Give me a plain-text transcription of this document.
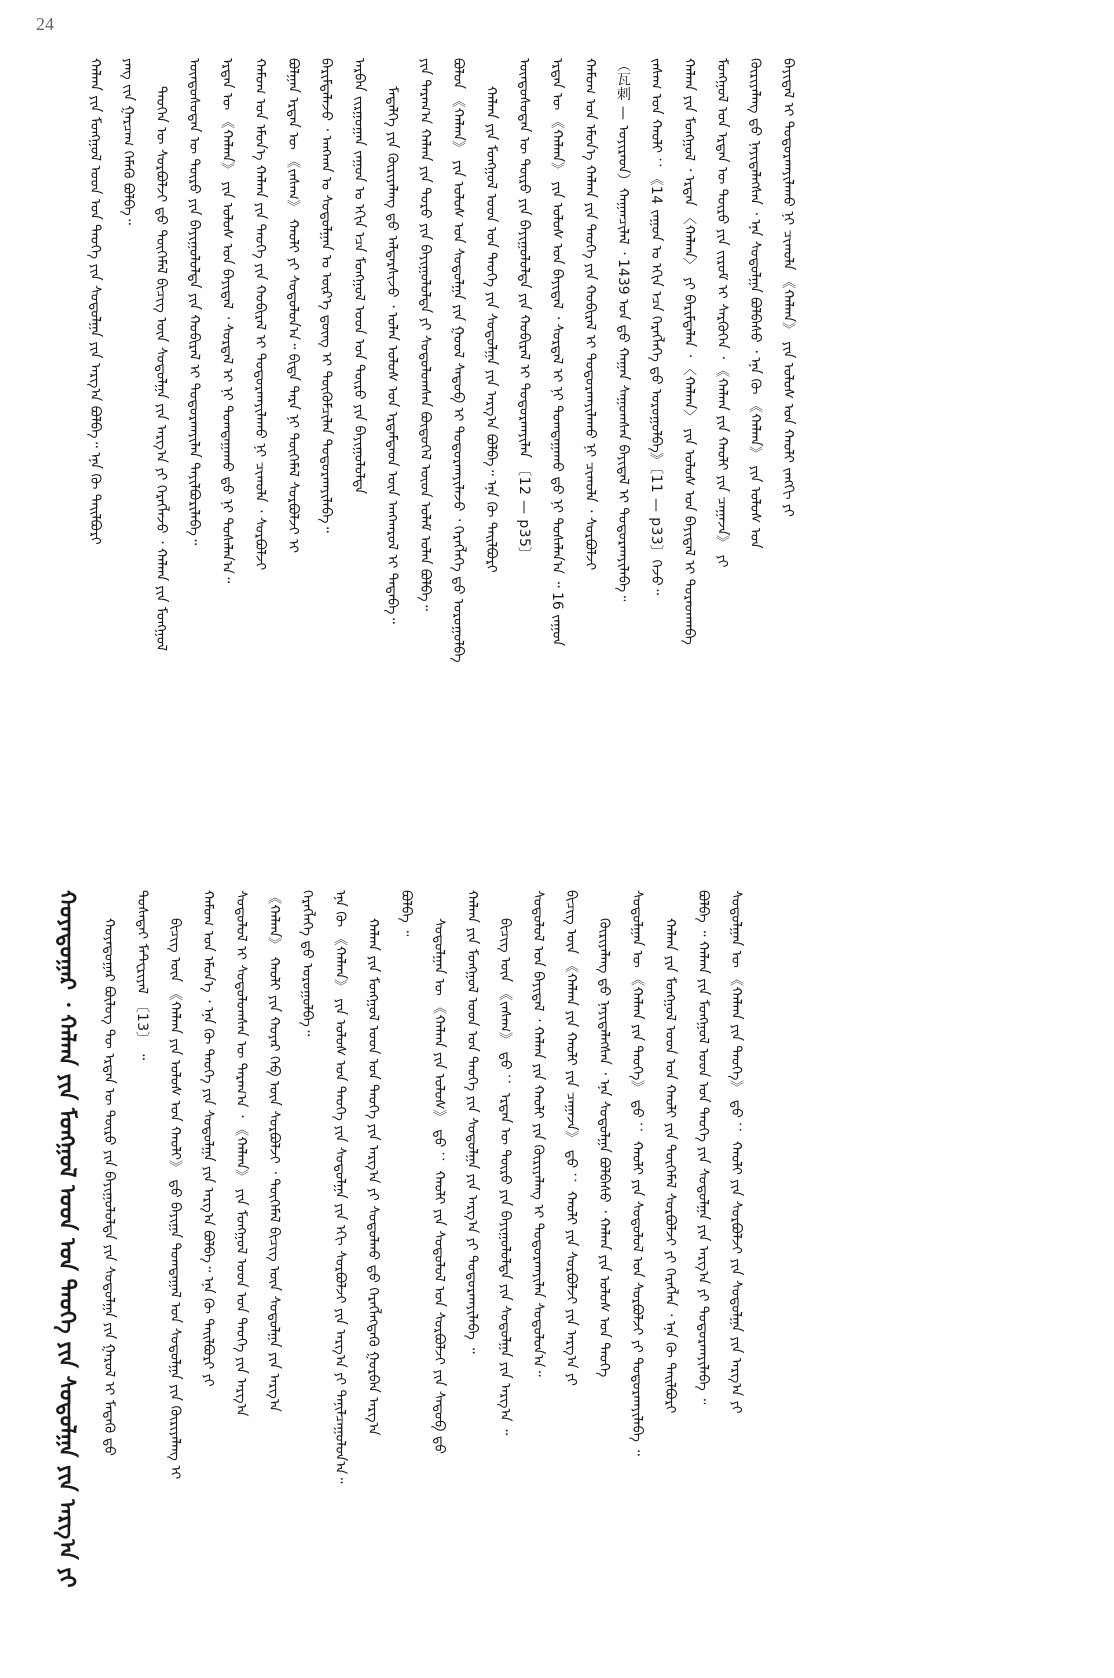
24
ᠬᠠᠯᠬᠠ ᠶᠢᠨ ᠮᠣᠩᠭᠣᠯ ᠤᠳ ᠤᠨ ᠲᠡᠦᠬᠡ ᠶᠢᠨ ᠰᠤᠳᠤᠯᠭᠠ ᠶᠢᠨ ᠠᠷᠭ᠎ᠠ ᠪᠣᠯᠪᠠ᠃ ᠡᠨᠡ ᠬᠦ ᠲᠠᠢᠯᠪᠤᠷᠢ	ᠶᠠᠩ ᠵᠢᠨ ᠭᠠᠷᠴᠠᠭ ᠬᠡᠮᠡᠬᠦ ᠪᠣᠯᠪᠠ᠃	ᠲᠡᠦᠬᠡᠨ ᠦ ᠰᠤᠷᠪᠤᠯᠵᠢ ᠳ᠋ᠤ ᠲᠦᠭᠡᠮᠡᠯ ᠪᠢᠴᠢᠭ᠌ ᠦᠨ ᠰᠤᠳᠤᠯᠭᠠ ᠶᠢᠨ ᠠᠷᠭ᠎ᠠ ᠶᠢ ᠬᠡᠷᠡᠭᠯᠡᠵᠦ ᠂ ᠬᠠᠯᠬᠠ ᠶᠢᠨ ᠮᠣᠩᠭᠣᠯ	ᠦᠨᠳᠦᠰᠦᠲᠡᠨ ᠦ ᠲᠦᠷᠦ ᠶᠢᠨ ᠪᠠᠶᠢᠭᠤᠯᠤᠯᠲᠠ ᠶᠢᠨ ᠬᠤᠪᠢᠷᠠᠯ ᠢ ᠲᠣᠳᠤᠷᠬᠠᠶᠢᠯᠠᠨ ᠲᠠᠶᠢᠯᠪᠤᠷᠢᠯᠠᠪᠠ᠃	ᠡᠷᠲᠡᠨ ᠦ 《ᠬᠠᠯᠬᠠ》 ᠶᠢᠨ ᠤᠯᠤᠰ ᠤᠨ ᠪᠠᠶᠢᠳᠠᠯ ᠂ ᠰᠤᠷᠲᠠᠯ ᠢ ᠨᠢ ᠲᠣᠭᠲᠠᠭᠠᠬᠤ ᠳ᠋ᠤ ᠨᠢ ᠲᠤᠰᠠᠯᠠᠨ᠎ᠠ᠃	ᠬᠠᠮᠤᠭ ᠤᠨ ᠡᠮᠦᠨ᠎ᠡ ᠬᠠᠯᠬᠠ ᠶᠢᠨ ᠲᠡᠦᠬᠡ ᠶᠢᠨ ᠬᠤᠪᠢᠷᠠᠯ ᠢ ᠲᠣᠳᠤᠷᠬᠠᠶᠢᠯᠠᠬᠤ ᠨᠢ ᠴᠢᠬᠤᠯᠠ ᠂ ᠰᠤᠷᠪᠤᠯᠵᠢ	ᠪᠣᠯᠭᠠᠨ ᠡᠷᠲᠡᠨ ᠦ 《ᠵᠠᠰᠠᠭ》 ᠬᠠᠤᠯᠢ ᠶᠢ ᠰᠤᠳᠤᠯᠤᠨ᠎ᠠ᠃ ᠪᠢᠳᠡ ᠳᠡᠷᠡ ᠨᠢ ᠲᠦᠭᠡᠮᠡᠯ ᠰᠤᠷᠪᠤᠯᠵᠢ ᠢ	ᠪᠠᠷᠢᠮᠲᠠᠯᠠᠵᠤ ᠂ ᠠᠩᠬᠠᠨ ᠤ ᠰᠤᠳᠤᠯᠭᠠᠨ ᠤ ᠦᠷ᠎ᠡ ᠳ᠋ᠦᠩ ᠢ ᠳᠦᠭᠦᠮᠴᠢᠯᠡᠨ ᠲᠣᠳᠤᠷᠬᠠᠶᠢᠯᠠᠪᠠ᠃	ᠠᠷᠪᠠᠨ ᠵᠢᠷᠭᠤᠭᠠᠨ ᠵᠠᠭᠤᠨ ᠤ ᠡᠬᠢᠨ ᠡᠴᠡ ᠮᠣᠩᠭᠣᠯ ᠤᠳ ᠤᠨ ᠲᠦᠷᠦ ᠶᠢᠨ ᠪᠠᠶᠢᠭᠤᠯᠤᠯᠲᠠ	ᠮᠡᠳᠡᠯᠭᠡ ᠶᠢᠨ ᠬᠦᠷᠢᠶᠡᠯᠡᠩ ᠳ᠋ᠤ ᠠᠯᠳᠠᠷᠰᠢᠵᠤ ᠂ ᠣᠯᠠᠨ ᠤᠯᠤᠰ ᠤᠨ ᠡᠷᠳᠡᠮᠲᠡᠳ ᠦᠨ ᠠᠩᠬᠠᠷᠤᠯ ᠢ ᠲᠠᠲᠠᠪᠠ᠃	ᠶᠢᠨ ᠳᠠᠷᠠᠭ᠎ᠠ ᠬᠠᠯᠬᠠ ᠶᠢᠨ ᠲᠣᠷᠤ ᠶᠢᠨ ᠪᠠᠶᠢᠭᠤᠯᠤᠯᠲᠠ ᠶᠢ ᠰᠤᠳᠤᠯᠤᠭᠰᠠᠨ ᠪᠦᠲᠦᠭᠡᠯ ᠦᠳ ᠤᠯᠠᠮ ᠣᠯᠠᠨ ᠪᠣᠯᠪᠠ᠃	ᠪᠣᠯᠣᠨ 《ᠬᠠᠯᠬᠠ》 ᠶᠢᠨ ᠤᠯᠤᠰ ᠤᠨ ᠰᠤᠳᠤᠯᠭᠠ ᠶᠢᠨ ᠭᠣᠣᠯ ᠰᠡᠳᠦᠪ ᠢ ᠲᠤᠳᠤᠷᠬᠠᠶᠢᠯᠠᠵᠤ ᠂ ᠬᠡᠷᠡᠭᠯᠡᠭᠡ ᠳ᠋ᠦ ᠣᠷᠣᠭᠤᠯᠪᠠ	ᠬᠠᠯᠬᠠ ᠶᠢᠨ ᠮᠣᠩᠭᠣᠯ ᠤᠳ ᠤᠨ ᠲᠡᠦᠬᠡ ᠶᠢᠨ ᠰᠤᠳᠤᠯᠭᠠ ᠶᠢᠨ ᠠᠷᠭ᠎ᠠ ᠪᠣᠯᠪᠠ᠃ ᠡᠨᠡ ᠬᠦ ᠲᠠᠢᠯᠪᠤᠷᠢ	ᠦᠨᠳᠦᠰᠦᠲᠡᠨ ᠦ ᠲᠦᠷᠦ ᠶᠢᠨ ᠪᠠᠶᠢᠭᠤᠯᠤᠯᠲᠠ ᠶᠢᠨ ᠬᠤᠪᠢᠷᠠᠯ ᠢ ᠲᠣᠳᠤᠷᠬᠠᠶᠢᠯᠠᠨ 〔12 — p35〕	ᠡᠷᠲᠡᠨ ᠦ 《ᠬᠠᠯᠬᠠ》 ᠶᠢᠨ ᠤᠯᠤᠰ ᠤᠨ ᠪᠠᠶᠢᠳᠠᠯ ᠂ ᠰᠤᠷᠲᠠᠯ ᠢ ᠨᠢ ᠲᠣᠭᠲᠠᠭᠠᠬᠤ ᠳ᠋ᠤ ᠨᠢ ᠲᠤᠰᠠᠯᠠᠨ᠎ᠠ ᠃ 16 ᠵᠠᠭᠤᠨ	ᠬᠠᠮᠤᠭ ᠤᠨ ᠡᠮᠦᠨ᠎ᠡ ᠬᠠᠯᠬᠠ ᠶᠢᠨ ᠲᠡᠦᠬᠡ ᠶᠢᠨ ᠬᠤᠪᠢᠷᠠᠯ ᠢ ᠲᠣᠳᠤᠷᠬᠠᠶᠢᠯᠠᠬᠤ ᠨᠢ ᠴᠢᠬᠤᠯᠠ ᠂ ᠰᠤᠷᠪᠤᠯᠵᠢ	（瓦剌 — ᠣᠶᠢᠷᠠᠳ）ᠬᠠᠭᠠᠨᠴᠢᠯᠠᠯ ᠂ 1439 ᠣᠨ ᠳ᠋ᠤ ᠬᠠᠭᠠᠨ ᠰᠠᠭᠤᠭᠰᠠᠨ ᠪᠠᠶᠢᠳᠠᠯ ᠢ ᠲᠣᠳᠤᠷᠬᠠᠶᠢᠯᠠᠪᠠ᠃	ᠵᠠᠰᠠᠭ ᠤᠨ ᠬᠠᠤᠯᠢ ：《14 ᠵᠠᠭᠤᠨ ᠤ ᠡᠬᠢᠨ ᠡᠴᠡ ᠬᠡᠷᠡᠭᠯᠡᠭᠡ ᠳ᠋ᠦ ᠣᠷᠣᠭᠤᠯᠪᠠ》〔11 — p33〕ᠭᠡᠵᠦ᠃	ᠬᠠᠯᠬᠠ ᠶᠢᠨ ᠮᠣᠩᠭᠣᠯ ᠂ ᠡᠷᠲᠡᠨ 〈ᠬᠠᠯᠬᠠ〉 ᠶᠢ ᠪᠠᠷᠢᠮᠲᠠᠯᠠᠨ ᠂ 〈ᠬᠠᠯᠬᠠ〉 ᠶᠢᠨ ᠤᠯᠤᠰ ᠤᠨ ᠪᠠᠶᠢᠳᠠᠯ ᠢ ᠳᠤᠷᠠᠳᠬᠠᠪᠠ	ᠮᠣᠩᠭᠣᠯ ᠤᠨ ᠡᠷᠲᠡᠨ ᠦ ᠲᠦᠷᠦ ᠶᠢᠨ ᠵᠢᠷᠤᠮ ᠢ ᠰᠡᠷᠭᠦᠭᠡᠨ ᠂ 《ᠬᠠᠯᠬᠠ ᠶᠢᠨ ᠬᠠᠤᠯᠢ ᠶᠢᠨ ᠴᠠᠭᠠᠵᠠ》 ᠶᠢ	ᠬᠦᠷᠢᠶᠡᠯᠡᠩ ᠳ᠋ᠤ ᠨᠡᠶᠢᠲᠡᠯᠡᠭᠰᠡᠨ ᠂ ᠡᠨᠡ ᠰᠤᠳᠤᠯᠭᠠ ᠪᠣᠯᠪᠠᠰᠤ ᠂ ᠡᠨᠡ ᠬᠦ 《ᠬᠠᠯᠬᠠ》 ᠶᠢᠨ ᠤᠯᠤᠰ ᠤᠨ	ᠪᠠᠶᠢᠳᠠᠯ ᠢ ᠲᠣᠳᠤᠷᠬᠠᠶᠢᠯᠠᠬᠤ ᠨᠢ ᠴᠢᠬᠤᠯᠠ 《ᠬᠠᠯᠬᠠ》 ᠶᠢᠨ ᠤᠯᠤᠰ ᠤᠨ ᠬᠠᠤᠯᠢ ᠵᠠᠩᠭᠢ ᠶᠢ
ᠬᠣᠶᠠᠳᠤᠭᠠᠷ ᠂ ᠬᠠᠯᠬᠠ ᠶᠢᠨ ᠮᠣᠩᠭᠣᠯ ᠤᠳ ᠤᠨ ᠲᠡᠦᠬᠡ ᠶᠢᠨ ᠰᠤᠳᠤᠯᠭᠠ ᠶᠢᠨ ᠠᠷᠭ᠎ᠠ ᠶᠢ	ᠬᠣᠶᠠᠳᠤᠭᠠᠷ ᠪᠦᠯᠦᠭ ᠲᠦ ᠡᠷᠲᠡᠨ ᠦ ᠲᠦᠷᠦ ᠶᠢᠨ ᠪᠠᠶᠢᠭᠤᠯᠤᠯᠲᠠ ᠶᠢᠨ ᠰᠤᠳᠤᠯᠭᠠ ᠶᠢᠨ ᠭᠠᠷᠤᠯ ᠢ ᠮᠡᠳᠡᠬᠦ ᠳ᠋ᠦ	ᠲᠤᠰᠠᠲᠠᠢ ᠮᠠᠲ᠋ᠧᠷᠢᠶᠠᠯ 〔13〕 ᠃	ᠪᠢᠴᠢᠭ᠌ ᠦᠨ 《ᠬᠠᠯᠬᠠ ᠶᠢᠨ ᠤᠯᠤᠰ ᠤᠨ ᠬᠠᠤᠯᠢ》 ᠳ᠋ᠤ ᠪᠠᠶᠢᠭᠠ ᠲᠣᠭᠲᠠᠭᠠᠯ ᠤᠨ ᠰᠤᠳᠤᠯᠭᠠ ᠶᠢᠨ ᠬᠦᠷᠢᠶᠡᠯᠡᠩ ᠢ	ᠬᠠᠮᠤᠭ ᠤᠨ ᠡᠮᠦᠨ᠎ᠡ ᠂ ᠡᠨᠡ ᠬᠦ ᠲᠡᠦᠬᠡ ᠶᠢᠨ ᠰᠤᠳᠤᠯᠭᠠ ᠶᠢᠨ ᠠᠷᠭ᠎ᠠ ᠪᠣᠯᠪᠠ᠃ ᠡᠨᠡ ᠬᠦ ᠲᠠᠢᠯᠪᠤᠷᠢ ᠶᠢ	ᠰᠤᠳᠤᠯᠤᠯ ᠢ ᠰᠤᠳᠤᠯᠤᠭᠰᠠᠨ ᠦ ᠳᠠᠷᠠᠭ᠎ᠠ ᠂ 《ᠬᠠᠯᠬᠠ》 ᠶᠢᠨ ᠮᠣᠩᠭᠣᠯ ᠤᠳ ᠤᠨ ᠲᠡᠦᠬᠡ ᠶᠢᠨ ᠠᠷᠭ᠎ᠠ	《ᠬᠠᠯᠬᠠ》 ᠬᠠᠤᠯᠢ ᠶᠢᠨ ᠬᠣᠶᠠᠷ ᠬᠡᠪ ᠦᠨ ᠰᠤᠷᠪᠤᠯᠵᠢ ᠂ ᠲᠦᠭᠡᠮᠡᠯ ᠪᠢᠴᠢᠭ᠌ ᠦᠨ ᠰᠤᠳᠤᠯᠭᠠ ᠶᠢᠨ ᠠᠷᠭ᠎ᠠ	ᠬᠡᠷᠡᠭᠯᠡᠭᠡ ᠳ᠋ᠦ ᠣᠷᠣᠭᠤᠯᠪᠠ᠃	ᠡᠨᠡ ᠬᠦ 《ᠬᠠᠯᠬᠠ》 ᠶᠢᠨ ᠤᠯᠤᠰ ᠤᠨ ᠲᠡᠦᠬᠡ ᠶᠢᠨ ᠰᠤᠳᠤᠯᠭᠠ ᠶᠢᠨ ᠡᠬᠢ ᠰᠤᠷᠪᠤᠯᠵᠢ ᠶᠢᠨ ᠠᠷᠭ᠎ᠠ ᠶᠢ ᠲᠠᠨᠢᠯᠴᠠᠭᠤᠯᠤᠨ᠎ᠠ᠃	ᠬᠠᠯᠬᠠ ᠶᠢᠨ ᠮᠣᠩᠭᠣᠯ ᠤᠳ ᠤᠨ ᠲᠡᠦᠬᠡ ᠶᠢᠨ ᠠᠷᠭ᠎ᠠ ᠶᠢ ᠰᠤᠳᠤᠯᠬᠤ ᠳ᠋ᠤ ᠬᠡᠷᠡᠭᠯᠡᠭᠳᠡᠬᠦ ᠭᠤᠷᠪᠠᠨ ᠠᠷᠭ᠎ᠠ
ᠪᠣᠯᠪᠠ ᠃
ᠰᠤᠳᠤᠯᠭᠠᠨ ᠦ 《ᠬᠠᠯᠬᠠ ᠶᠢᠨ ᠤᠯᠤᠰ》 ᠳ᠋ᠤ ： ᠬᠠᠤᠯᠢ ᠶᠢᠨ ᠰᠤᠳᠤᠯᠤᠯ ᠤᠨ ᠰᠤᠷᠪᠤᠯᠵᠢ ᠶᠢᠨ ᠰᠡᠳᠦᠪ ᠳ᠋ᠦ	ᠬᠠᠯᠬᠠ ᠶᠢᠨ ᠮᠣᠩᠭᠣᠯ ᠤᠳ ᠤᠨ ᠲᠡᠦᠬᠡ ᠶᠢᠨ ᠰᠤᠳᠤᠯᠭᠠ ᠶᠢᠨ ᠠᠷᠭ᠎ᠠ ᠶᠢ ᠲᠣᠳᠤᠷᠬᠠᠶᠢᠯᠠᠪᠠ ᠃	ᠪᠢᠴᠢᠭ᠌ ᠦᠨ 《ᠵᠠᠰᠠᠭ》 ᠳ᠋ᠤ ： ᠡᠷᠲᠡᠨ ᠦ ᠲᠦᠷᠦ ᠶᠢᠨ ᠪᠠᠶᠢᠭᠤᠯᠤᠯᠲᠠ ᠶᠢᠨ ᠰᠤᠳᠤᠯᠭᠠ ᠶᠢᠨ ᠠᠷᠭ᠎ᠠ ᠃	ᠰᠤᠳᠤᠯᠤᠯ ᠤᠨ ᠪᠠᠶᠢᠳᠠᠯ ᠂ ᠬᠠᠯᠬᠠ ᠶᠢᠨ ᠬᠠᠤᠯᠢ ᠶᠢᠨ ᠬᠦᠷᠢᠶᠡᠯᠡᠩ ᠢ ᠲᠣᠳᠤᠷᠬᠠᠶᠢᠯᠠᠨ ᠰᠤᠳᠤᠯᠤᠨ᠎ᠠ᠃	ᠪᠢᠴᠢᠭ᠌ ᠦᠨ 《ᠬᠠᠯᠬᠠ ᠶᠢᠨ ᠬᠠᠤᠯᠢ ᠶᠢᠨ ᠴᠠᠭᠠᠵᠠ》 ᠳ᠋ᠤ ： ᠬᠠᠤᠯᠢ ᠶᠢᠨ ᠰᠤᠷᠪᠤᠯᠵᠢ ᠶᠢᠨ ᠠᠷᠭ᠎ᠠ ᠶᠢ	ᠬᠦᠷᠢᠶᠡᠯᠡᠩ ᠳ᠋ᠤ ᠨᠡᠶᠢᠲᠡᠯᠡᠭᠰᠡᠨ ᠂ ᠡᠨᠡ ᠰᠤᠳᠤᠯᠭᠠ ᠪᠣᠯᠪᠠᠰᠤ ᠂ ᠬᠠᠯᠬᠠ ᠶᠢᠨ ᠤᠯᠤᠰ ᠤᠨ ᠲᠡᠦᠬᠡ	ᠰᠤᠳᠤᠯᠭᠠᠨ ᠦ 《ᠬᠠᠯᠬᠠ ᠶᠢᠨ ᠲᠡᠦᠬᠡ》 ᠳ᠋ᠤ ： ᠬᠠᠤᠯᠢ ᠶᠢᠨ ᠰᠤᠳᠤᠯᠤᠯ ᠤᠨ ᠰᠤᠷᠪᠤᠯᠵᠢ ᠶᠢ ᠲᠣᠳᠤᠷᠬᠠᠶᠢᠯᠠᠪᠠ ᠃	ᠬᠠᠯᠬᠠ ᠶᠢᠨ ᠮᠣᠩᠭᠣᠯ ᠤᠳ ᠤᠨ ᠬᠠᠤᠯᠢ ᠶᠢᠨ ᠲᠦᠭᠡᠮᠡᠯ ᠰᠤᠷᠪᠤᠯᠵᠢ ᠶᠢ ᠬᠡᠷᠡᠭᠯᠡᠨ ᠂ ᠡᠨᠡ ᠬᠦ ᠲᠠᠢᠯᠪᠤᠷᠢ	ᠪᠣᠯᠪᠠ ᠃ ᠬᠠᠯᠬᠠ ᠶᠢᠨ ᠮᠣᠩᠭᠣᠯ ᠤᠳ ᠤᠨ ᠲᠡᠦᠬᠡ ᠶᠢᠨ ᠰᠤᠳᠤᠯᠭᠠ ᠶᠢᠨ ᠠᠷᠭ᠎ᠠ ᠶᠢ ᠲᠣᠳᠤᠷᠬᠠᠶᠢᠯᠠᠪᠠ ᠃	ᠰᠤᠳᠤᠯᠭᠠᠨ ᠦ 《ᠬᠠᠯᠬᠠ ᠶᠢᠨ ᠲᠡᠦᠬᠡ》 ᠳ᠋ᠤ ： ᠬᠠᠤᠯᠢ ᠶᠢᠨ ᠰᠤᠷᠪᠤᠯᠵᠢ ᠶᠢᠨ ᠰᠤᠳᠤᠯᠭᠠ ᠶᠢᠨ ᠠᠷᠭ᠎ᠠ ᠶᠢ
